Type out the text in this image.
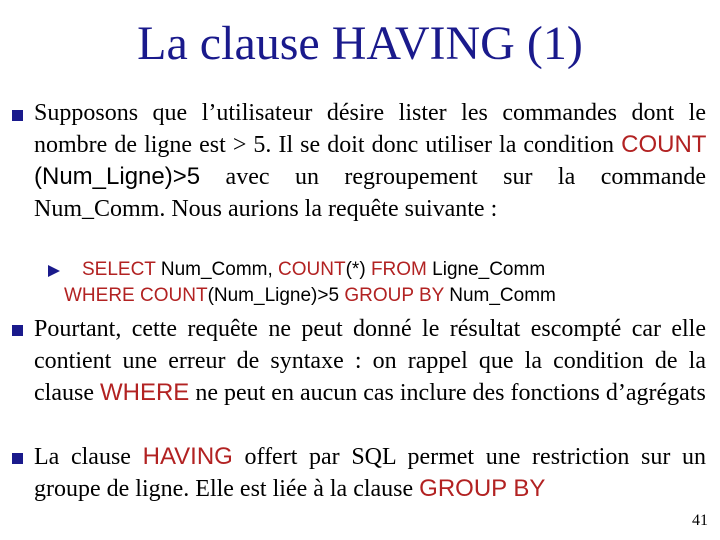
La clause HAVING (1)
Supposons que l’utilisateur désire lister les commandes dont le nombre de ligne est > 5. Il se doit donc utiliser la condition COUNT (Num_Ligne)>5 avec un regroupement sur la commande Num_Comm. Nous aurions la requête suivante :
SELECT Num_Comm, COUNT(*) FROM Ligne_Comm
WHERE COUNT(Num_Ligne)>5 GROUP BY Num_Comm
Pourtant, cette requête ne peut donné le résultat escompté car elle contient une erreur de syntaxe : on rappel que la condition de la clause WHERE ne peut en aucun cas inclure des fonctions d’agrégats
La clause HAVING offert par SQL permet une restriction sur un groupe de ligne. Elle est liée à la clause GROUP BY
41
